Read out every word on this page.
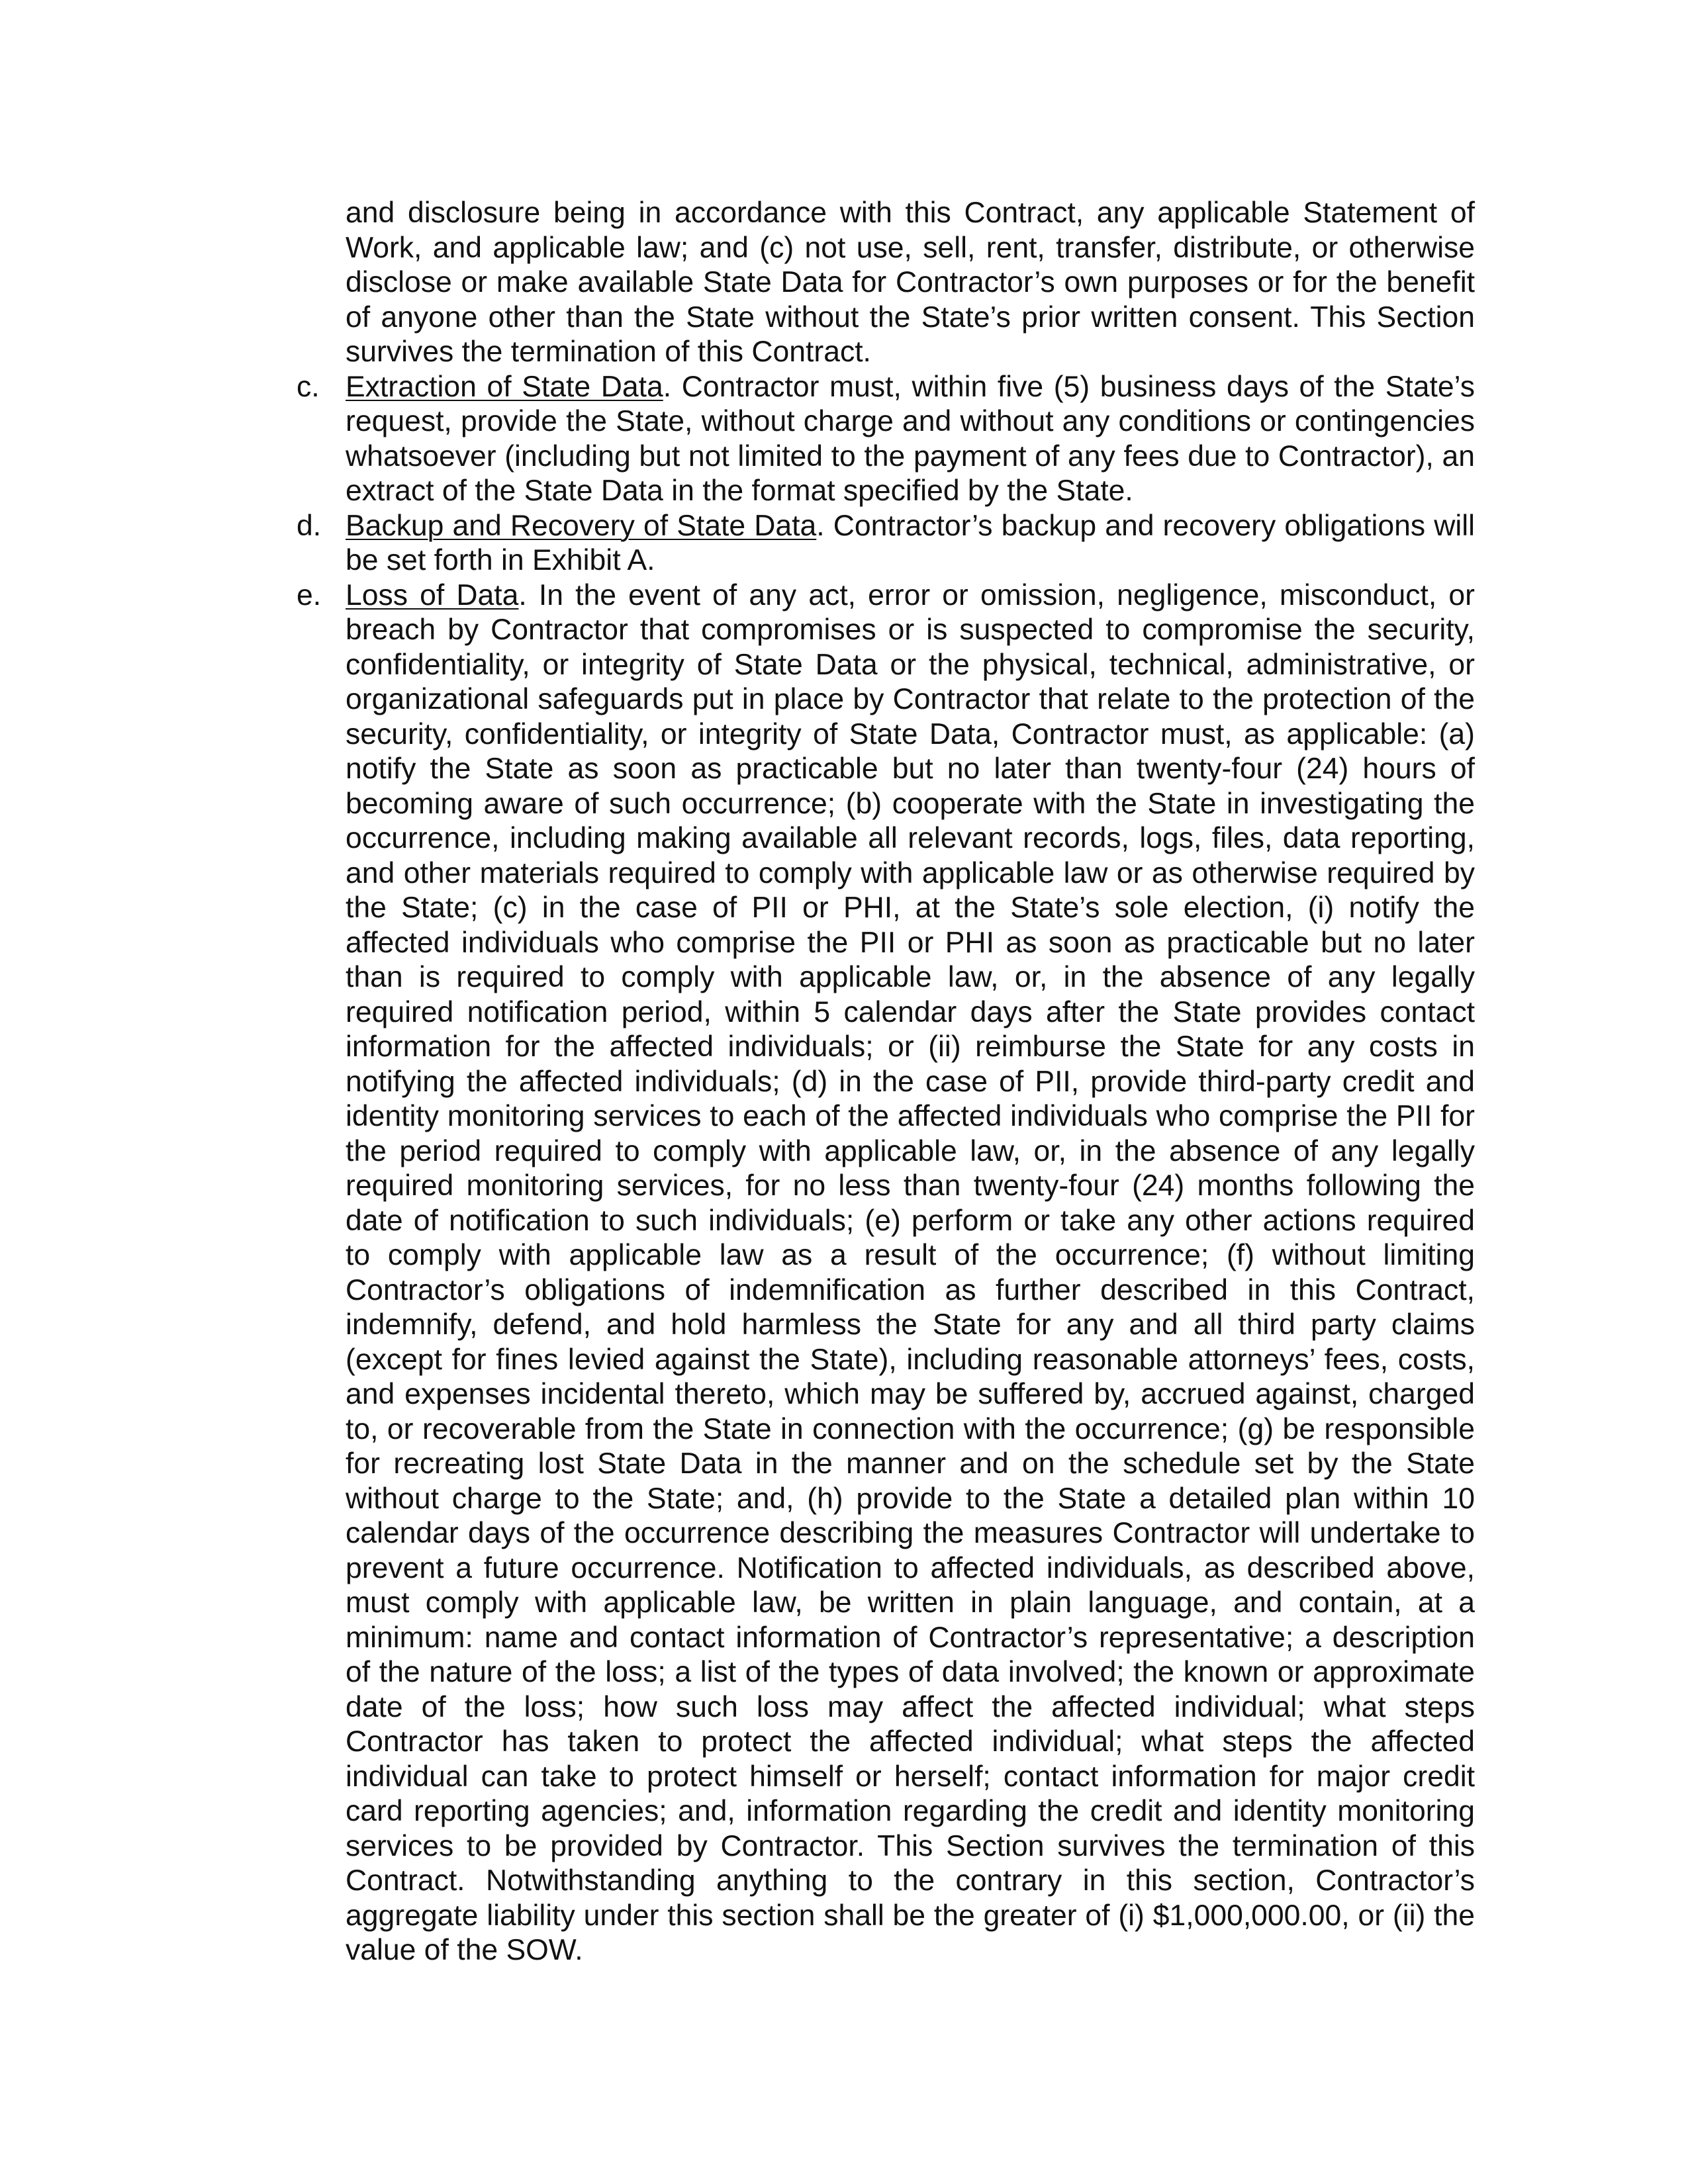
and disclosure being in accordance with this Contract, any applicable Statement of Work, and applicable law; and (c) not use, sell, rent, transfer, distribute, or otherwise disclose or make available State Data for Contractor’s own purposes or for the benefit of anyone other than the State without the State’s prior written consent. This Section survives the termination of this Contract.

c. Extraction of State Data. Contractor must, within five (5) business days of the State’s request, provide the State, without charge and without any conditions or contingencies whatsoever (including but not limited to the payment of any fees due to Contractor), an extract of the State Data in the format specified by the State.

d. Backup and Recovery of State Data. Contractor’s backup and recovery obligations will be set forth in Exhibit A.

e. Loss of Data. In the event of any act, error or omission, negligence, misconduct, or breach by Contractor that compromises or is suspected to compromise the security, confidentiality, or integrity of State Data or the physical, technical, administrative, or organizational safeguards put in place by Contractor that relate to the protection of the security, confidentiality, or integrity of State Data, Contractor must, as applicable: (a) notify the State as soon as practicable but no later than twenty-four (24) hours of becoming aware of such occurrence; (b) cooperate with the State in investigating the occurrence, including making available all relevant records, logs, files, data reporting, and other materials required to comply with applicable law or as otherwise required by the State; (c) in the case of PII or PHI, at the State’s sole election, (i) notify the affected individuals who comprise the PII or PHI as soon as practicable but no later than is required to comply with applicable law, or, in the absence of any legally required notification period, within 5 calendar days after the State provides contact information for the affected individuals; or (ii) reimburse the State for any costs in notifying the affected individuals; (d) in the case of PII, provide third-party credit and identity monitoring services to each of the affected individuals who comprise the PII for the period required to comply with applicable law, or, in the absence of any legally required monitoring services, for no less than twenty-four (24) months following the date of notification to such individuals; (e) perform or take any other actions required to comply with applicable law as a result of the occurrence; (f) without limiting Contractor’s obligations of indemnification as further described in this Contract, indemnify, defend, and hold harmless the State for any and all third party claims (except for fines levied against the State), including reasonable attorneys’ fees, costs, and expenses incidental thereto, which may be suffered by, accrued against, charged to, or recoverable from the State in connection with the occurrence; (g) be responsible for recreating lost State Data in the manner and on the schedule set by the State without charge to the State; and, (h) provide to the State a detailed plan within 10 calendar days of the occurrence describing the measures Contractor will undertake to prevent a future occurrence. Notification to affected individuals, as described above, must comply with applicable law, be written in plain language, and contain, at a minimum: name and contact information of Contractor’s representative; a description of the nature of the loss; a list of the types of data involved; the known or approximate date of the loss; how such loss may affect the affected individual; what steps Contractor has taken to protect the affected individual; what steps the affected individual can take to protect himself or herself; contact information for major credit card reporting agencies; and, information regarding the credit and identity monitoring services to be provided by Contractor. This Section survives the termination of this Contract. Notwithstanding anything to the contrary in this section, Contractor’s aggregate liability under this section shall be the greater of (i) $1,000,000.00, or (ii) the value of the SOW.
